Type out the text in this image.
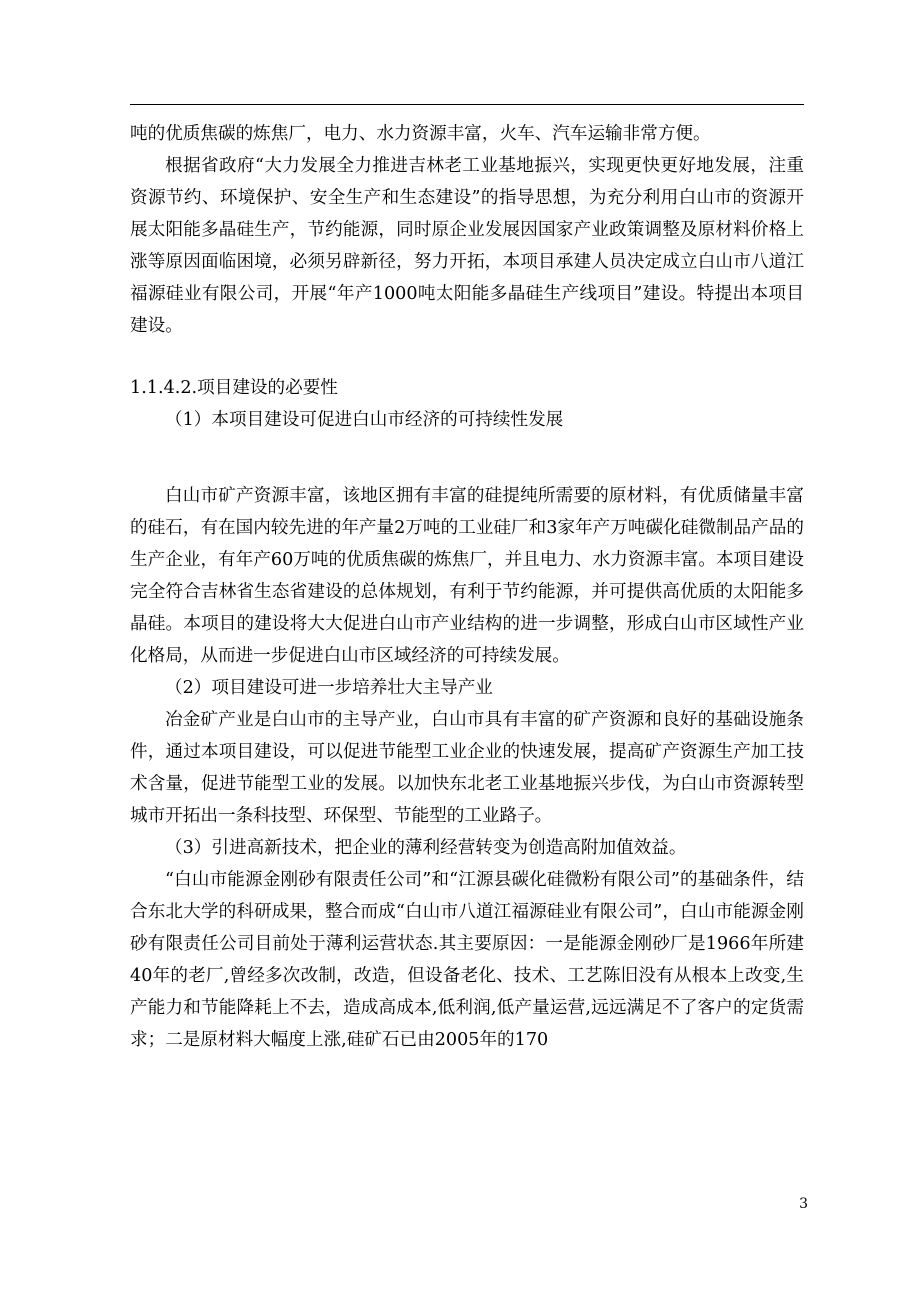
吨的优质焦碳的炼焦厂，电力、水力资源丰富，火车、汽车运输非常方便。

根据省政府“大力发展全力推进吉林老工业基地振兴，实现更快更好地发展，注重资源节约、环境保护、安全生产和生态建设”的指导思想，为充分利用白山市的资源开展太阳能多晶硅生产，节约能源，同时原企业发展因国家产业政策调整及原材料价格上涨等原因面临困境，必须另辟新径，努力开拓，本项目承建人员决定成立白山市八道江福源硅业有限公司，开展“年产1000吨太阳能多晶硅生产线项目”建设。特提出本项目建设。

1.1.4.2.项目建设的必要性

（1）本项目建设可促进白山市经济的可持续性发展

白山市矿产资源丰富，该地区拥有丰富的硅提纯所需要的原材料，有优质储量丰富的硅石，有在国内较先进的年产量2万吨的工业硅厂和3家年产万吨碳化硅微制品产品的生产企业，有年产60万吨的优质焦碳的炼焦厂，并且电力、水力资源丰富。本项目建设完全符合吉林省生态省建设的总体规划，有利于节约能源，并可提供高优质的太阳能多晶硅。本项目的建设将大大促进白山市产业结构的进一步调整，形成白山市区域性产业化格局，从而进一步促进白山市区域经济的可持续发展。

（2）项目建设可进一步培养壮大主导产业

冶金矿产业是白山市的主导产业，白山市具有丰富的矿产资源和良好的基础设施条件，通过本项目建设，可以促进节能型工业企业的快速发展，提高矿产资源生产加工技术含量，促进节能型工业的发展。以加快东北老工业基地振兴步伐，为白山市资源转型城市开拓出一条科技型、环保型、节能型的工业路子。

（3）引进高新技术，把企业的薄利经营转变为创造高附加值效益。

“白山市能源金刚砂有限责任公司”和“江源县碳化硅微粉有限公司”的基础条件，结合东北大学的科研成果，整合而成“白山市八道江福源硅业有限公司”，白山市能源金刚砂有限责任公司目前处于薄利运营状态.其主要原因：一是能源金刚砂厂是1966年所建40年的老厂,曾经多次改制，改造，但设备老化、技术、工艺陈旧没有从根本上改变,生产能力和节能降耗上不去，造成高成本,低利润,低产量运营,远远满足不了客户的定货需求；二是原材料大幅度上涨,硅矿石已由2005年的170

3
